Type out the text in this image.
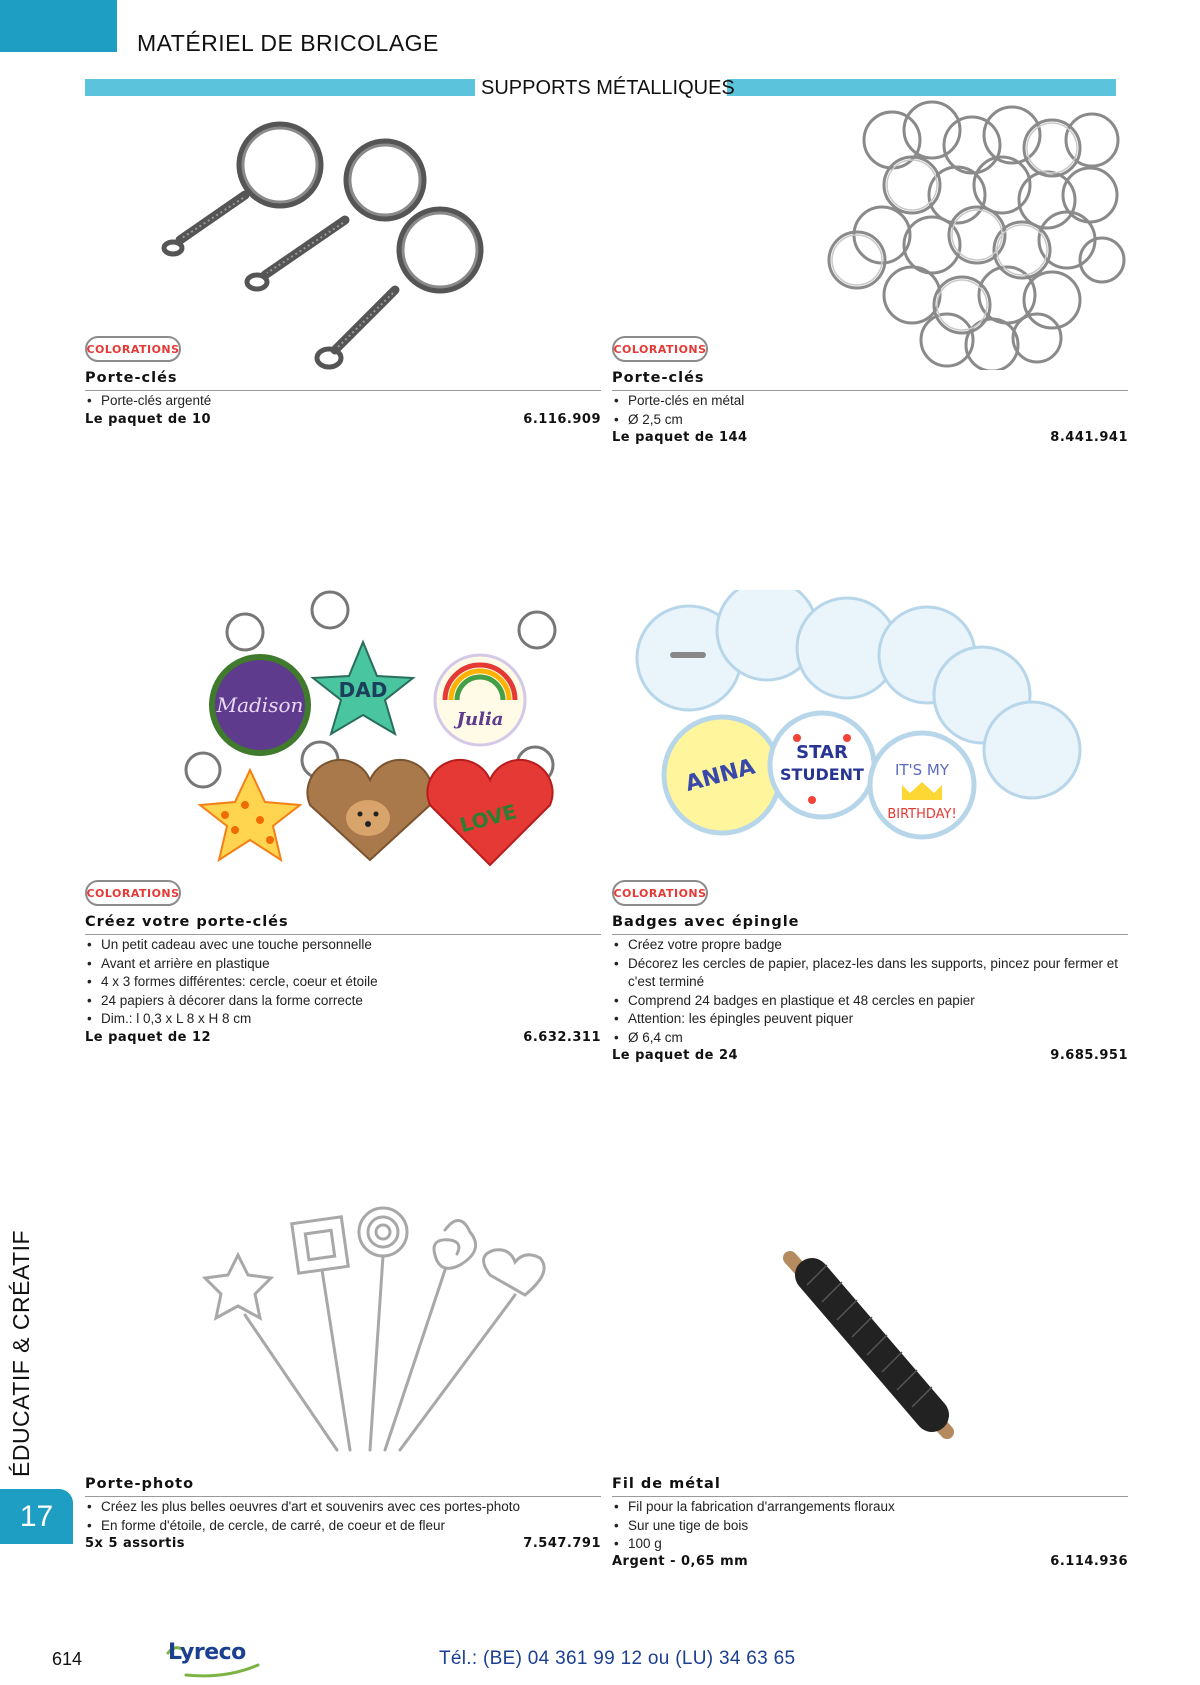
MATÉRIEL DE BRICOLAGE
SUPPORTS MÉTALLIQUES
COLORATIONS
Porte-clés
• Porte-clés argenté
Le paquet de 10	6.116.909
COLORATIONS
Porte-clés
• Porte-clés en métal
• Ø 2,5 cm
Le paquet de 144	8.441.941
Madison
DAD
Julia
LOVE
COLORATIONS
Créez votre porte-clés
• Un petit cadeau avec une touche personnelle
• Avant et arrière en plastique
• 4 x 3 formes différentes: cercle, coeur et étoile
• 24 papiers à décorer dans la forme correcte
• Dim.: l 0,3 x L 8 x H 8 cm
Le paquet de 12	6.632.311
ANNA
STAR
STUDENT IT'S MY
BIRTHDAY!
COLORATIONS
Badges avec épingle
• Créez votre propre badge
• Décorez les cercles de papier, placez-les dans les supports, pincez pour fermer et c'est terminé
• Comprend 24 badges en plastique et 48 cercles en papier
• Attention: les épingles peuvent piquer
• Ø 6,4 cm
Le paquet de 24	9.685.951
Porte-photo
• Créez les plus belles oeuvres d'art et souvenirs avec ces portes-photo
• En forme d'étoile, de cercle, de carré, de coeur et de fleur
5x 5 assortis	7.547.791
Fil de métal
• Fil pour la fabrication d'arrangements floraux
• Sur une tige de bois
• 100 g
Argent - 0,65 mm	6.114.936
ÉDUCATIF & CRÉATIF
17
614	Lyreco	Tél.: (BE) 04 361 99 12 ou (LU) 34 63 65
